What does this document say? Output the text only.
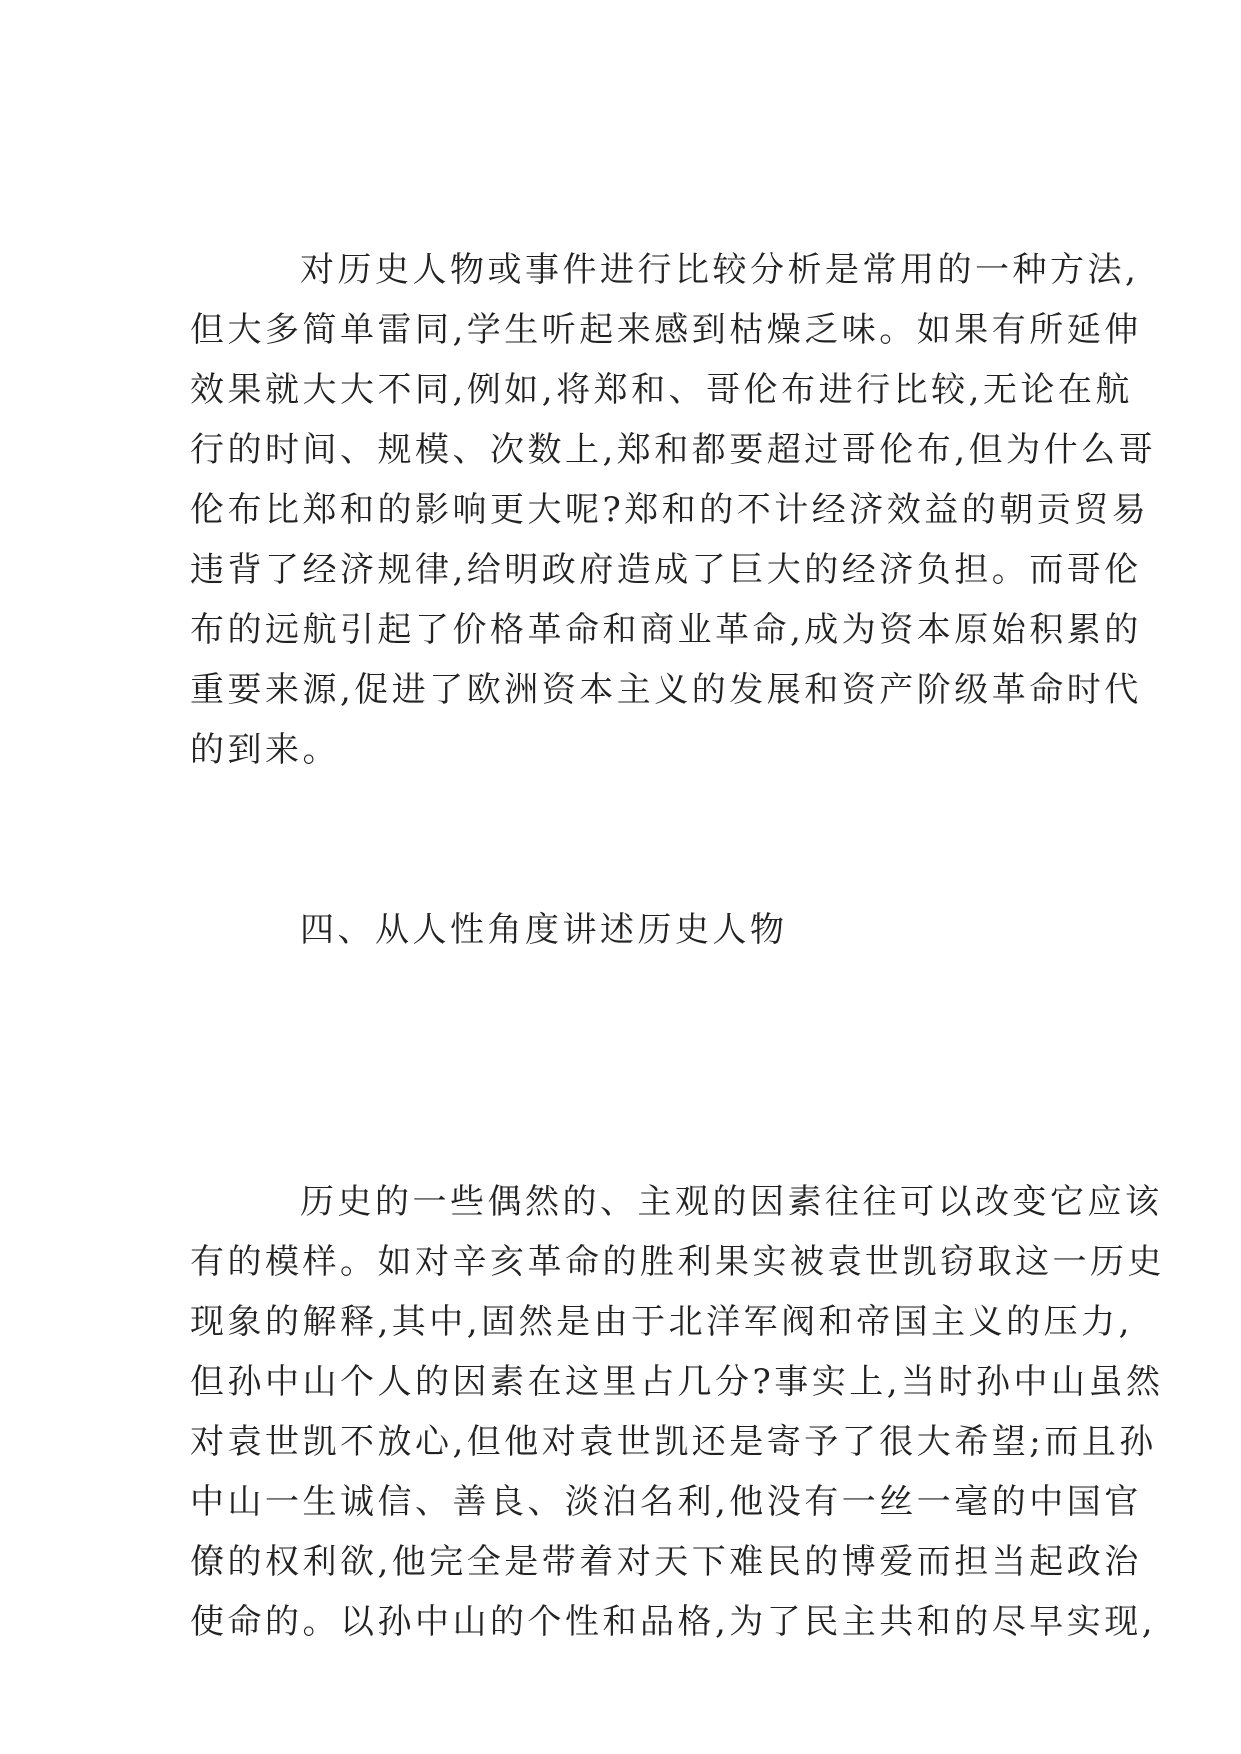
对历史人物或事件进行比较分析是常用的一种方法,
但大多简单雷同,学生听起来感到枯燥乏味。如果有所延伸
效果就大大不同,例如,将郑和、哥伦布进行比较,无论在航
行的时间、规模、次数上,郑和都要超过哥伦布,但为什么哥
伦布比郑和的影响更大呢?郑和的不计经济效益的朝贡贸易
违背了经济规律,给明政府造成了巨大的经济负担。而哥伦
布的远航引起了价格革命和商业革命,成为资本原始积累的
重要来源,促进了欧洲资本主义的发展和资产阶级革命时代
的到来。

四、从人性角度讲述历史人物

历史的一些偶然的、主观的因素往往可以改变它应该
有的模样。如对辛亥革命的胜利果实被袁世凯窃取这一历史
现象的解释,其中,固然是由于北洋军阀和帝国主义的压力,
但孙中山个人的因素在这里占几分?事实上,当时孙中山虽然
对袁世凯不放心,但他对袁世凯还是寄予了很大希望;而且孙
中山一生诚信、善良、淡泊名利,他没有一丝一毫的中国官
僚的权利欲,他完全是带着对天下难民的博爱而担当起政治
使命的。以孙中山的个性和品格,为了民主共和的尽早实现,
